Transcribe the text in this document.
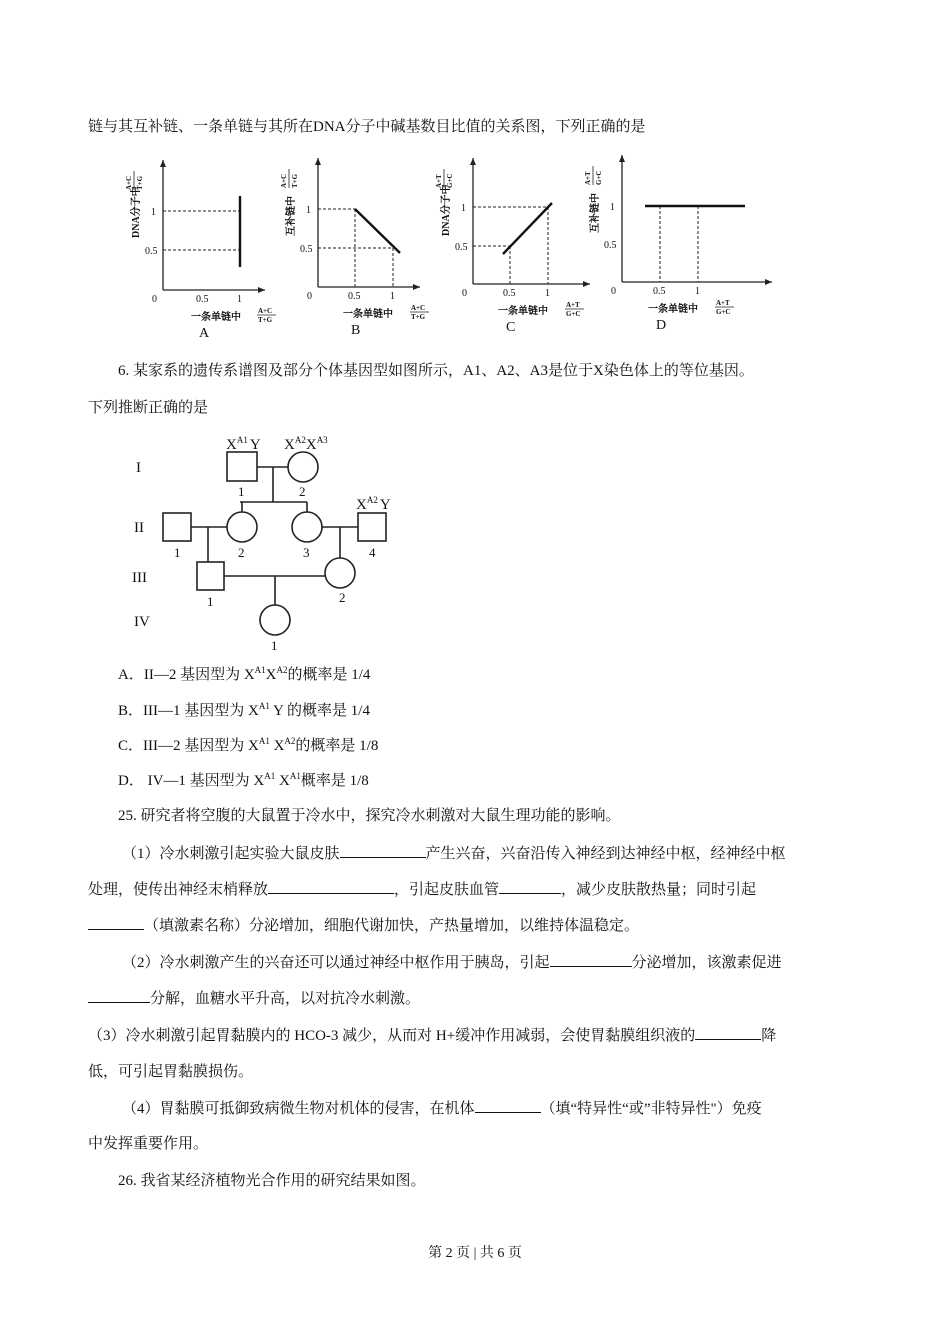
链与其互补链、一条单链与其所在DNA分子中碱基数目比值的关系图，下列正确的是
0	0.5	1
1
0.5
一条单链中
A+C
T+G
DNA分子中
A+C T+G
A
0	0.5	1
1
0.5
一条单链中
A+C
T+G
互补链中
A+C T+G
B
0	0.5	1
1
0.5
一条单链中
A+T
G+C
DNA分子中
A+T G+C
C
0	0.5	1
1
0.5
一条单链中
A+T
G+C
互补链中
A+T G+C
D
6. 某家系的遗传系谱图及部分个体基因型如图所示，A1、A2、A3是位于X染色体上的等位基因。
下列推断正确的是
I
II
III
IV
1	2
1	2	3	4
1	2
1
$X^{A1}$ Y $X^{A2}X^{A3}$
$X^{A2}$ Y
A．II—2 基因型为 $X^{A1}X^{A2}$的概率是 1/4
B．III—1 基因型为 $X^{A1}$ Y 的概率是 1/4
C．III—2 基因型为 $X^{A1}$ $X^{A2}$的概率是 1/8
D． IV—1 基因型为 $X^{A1}$ $X^{A1}$概率是 1/8
25. 研究者将空腹的大鼠置于冷水中，探究冷水刺激对大鼠生理功能的影响。
（1）冷水刺激引起实验大鼠皮肤	产生兴奋，兴奋沿传入神经到达神经中枢，经神经中枢
处理，使传出神经末梢释放	，引起皮肤血管	，减少皮肤散热量；同时引起
（填激素名称）分泌增加，细胞代谢加快，产热量增加，以维持体温稳定。
（2）冷水刺激产生的兴奋还可以通过神经中枢作用于胰岛，引起	分泌增加，该激素促进
分解，血糖水平升高，以对抗冷水刺激。
（3）冷水刺激引起胃黏膜内的 HCO-3 减少，从而对 H+缓冲作用减弱，会使胃黏膜组织液的	降
低，可引起胃黏膜损伤。
（4）胃黏膜可抵御致病微生物对机体的侵害，在机体	（填“特异性“或”非特异性"）免疫
中发挥重要作用。
26. 我省某经济植物光合作用的研究结果如图。
第 2 页 | 共 6 页
